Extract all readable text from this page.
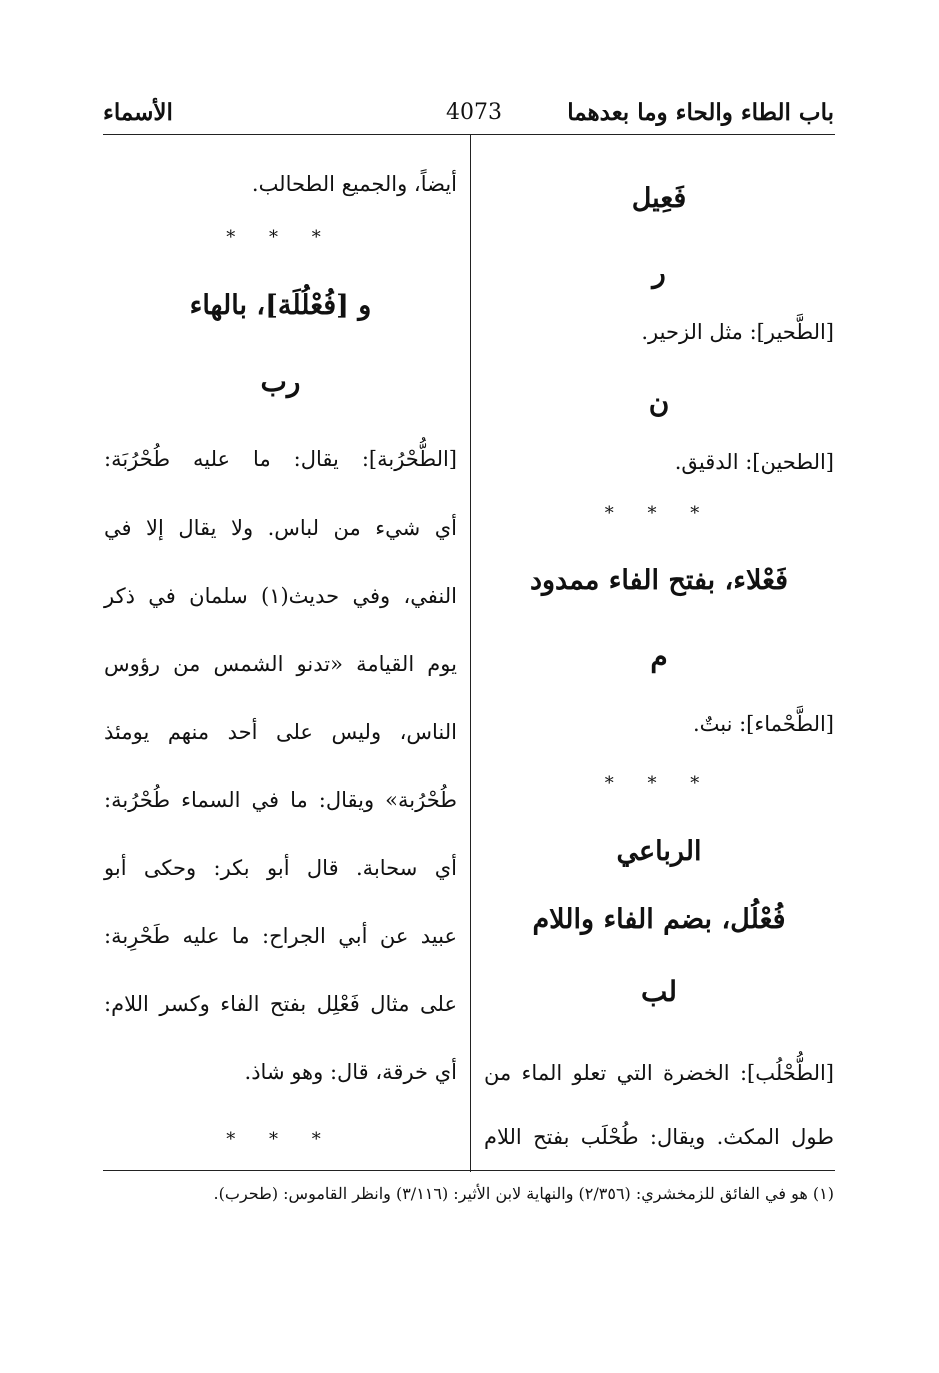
باب الطاء والحاء وما بعدهما
4073
الأسماء
فَعِيل
ر
[الطَّحير]: مثل الزحير.
ن
[الطحين]: الدقيق.
* * *
فَعْلاء، بفتح الفاء ممدود
م
[الطَّحْماء]: نبتٌ.
* * *
الرباعي
فُعْلُل، بضم الفاء واللام
لب
[الطُّحْلُب]: الخضرة التي تعلو الماء من
طول المكث. ويقال: طُحْلَب بفتح اللام
أيضاً، والجميع الطحالب.
* * *
و [فُعْلُلَة]، بالهاء
رب
[الطُّحْرُبة]: يقال: ما عليه طُحْرُبَة:
أي شيء من لباس. ولا يقال إلا في
النفي، وفي حديث(١) سلمان في ذكر
يوم القيامة «تدنو الشمس من رؤوس
الناس، وليس على أحد منهم يومئذ
طُحْرُبة» ويقال: ما في السماء طُحْرُبة:
أي سحابة. قال أبو بكر: وحكى أبو
عبيد عن أبي الجراح: ما عليه طَحْرِبة:
على مثال فَعْلِل بفتح الفاء وكسر اللام:
أي خرقة، قال: وهو شاذ.
* * *
(١) هو في الفائق للزمخشري: (٢/٣٥٦) والنهاية لابن الأثير: (٣/١١٦) وانظر القاموس: (طحرب).
